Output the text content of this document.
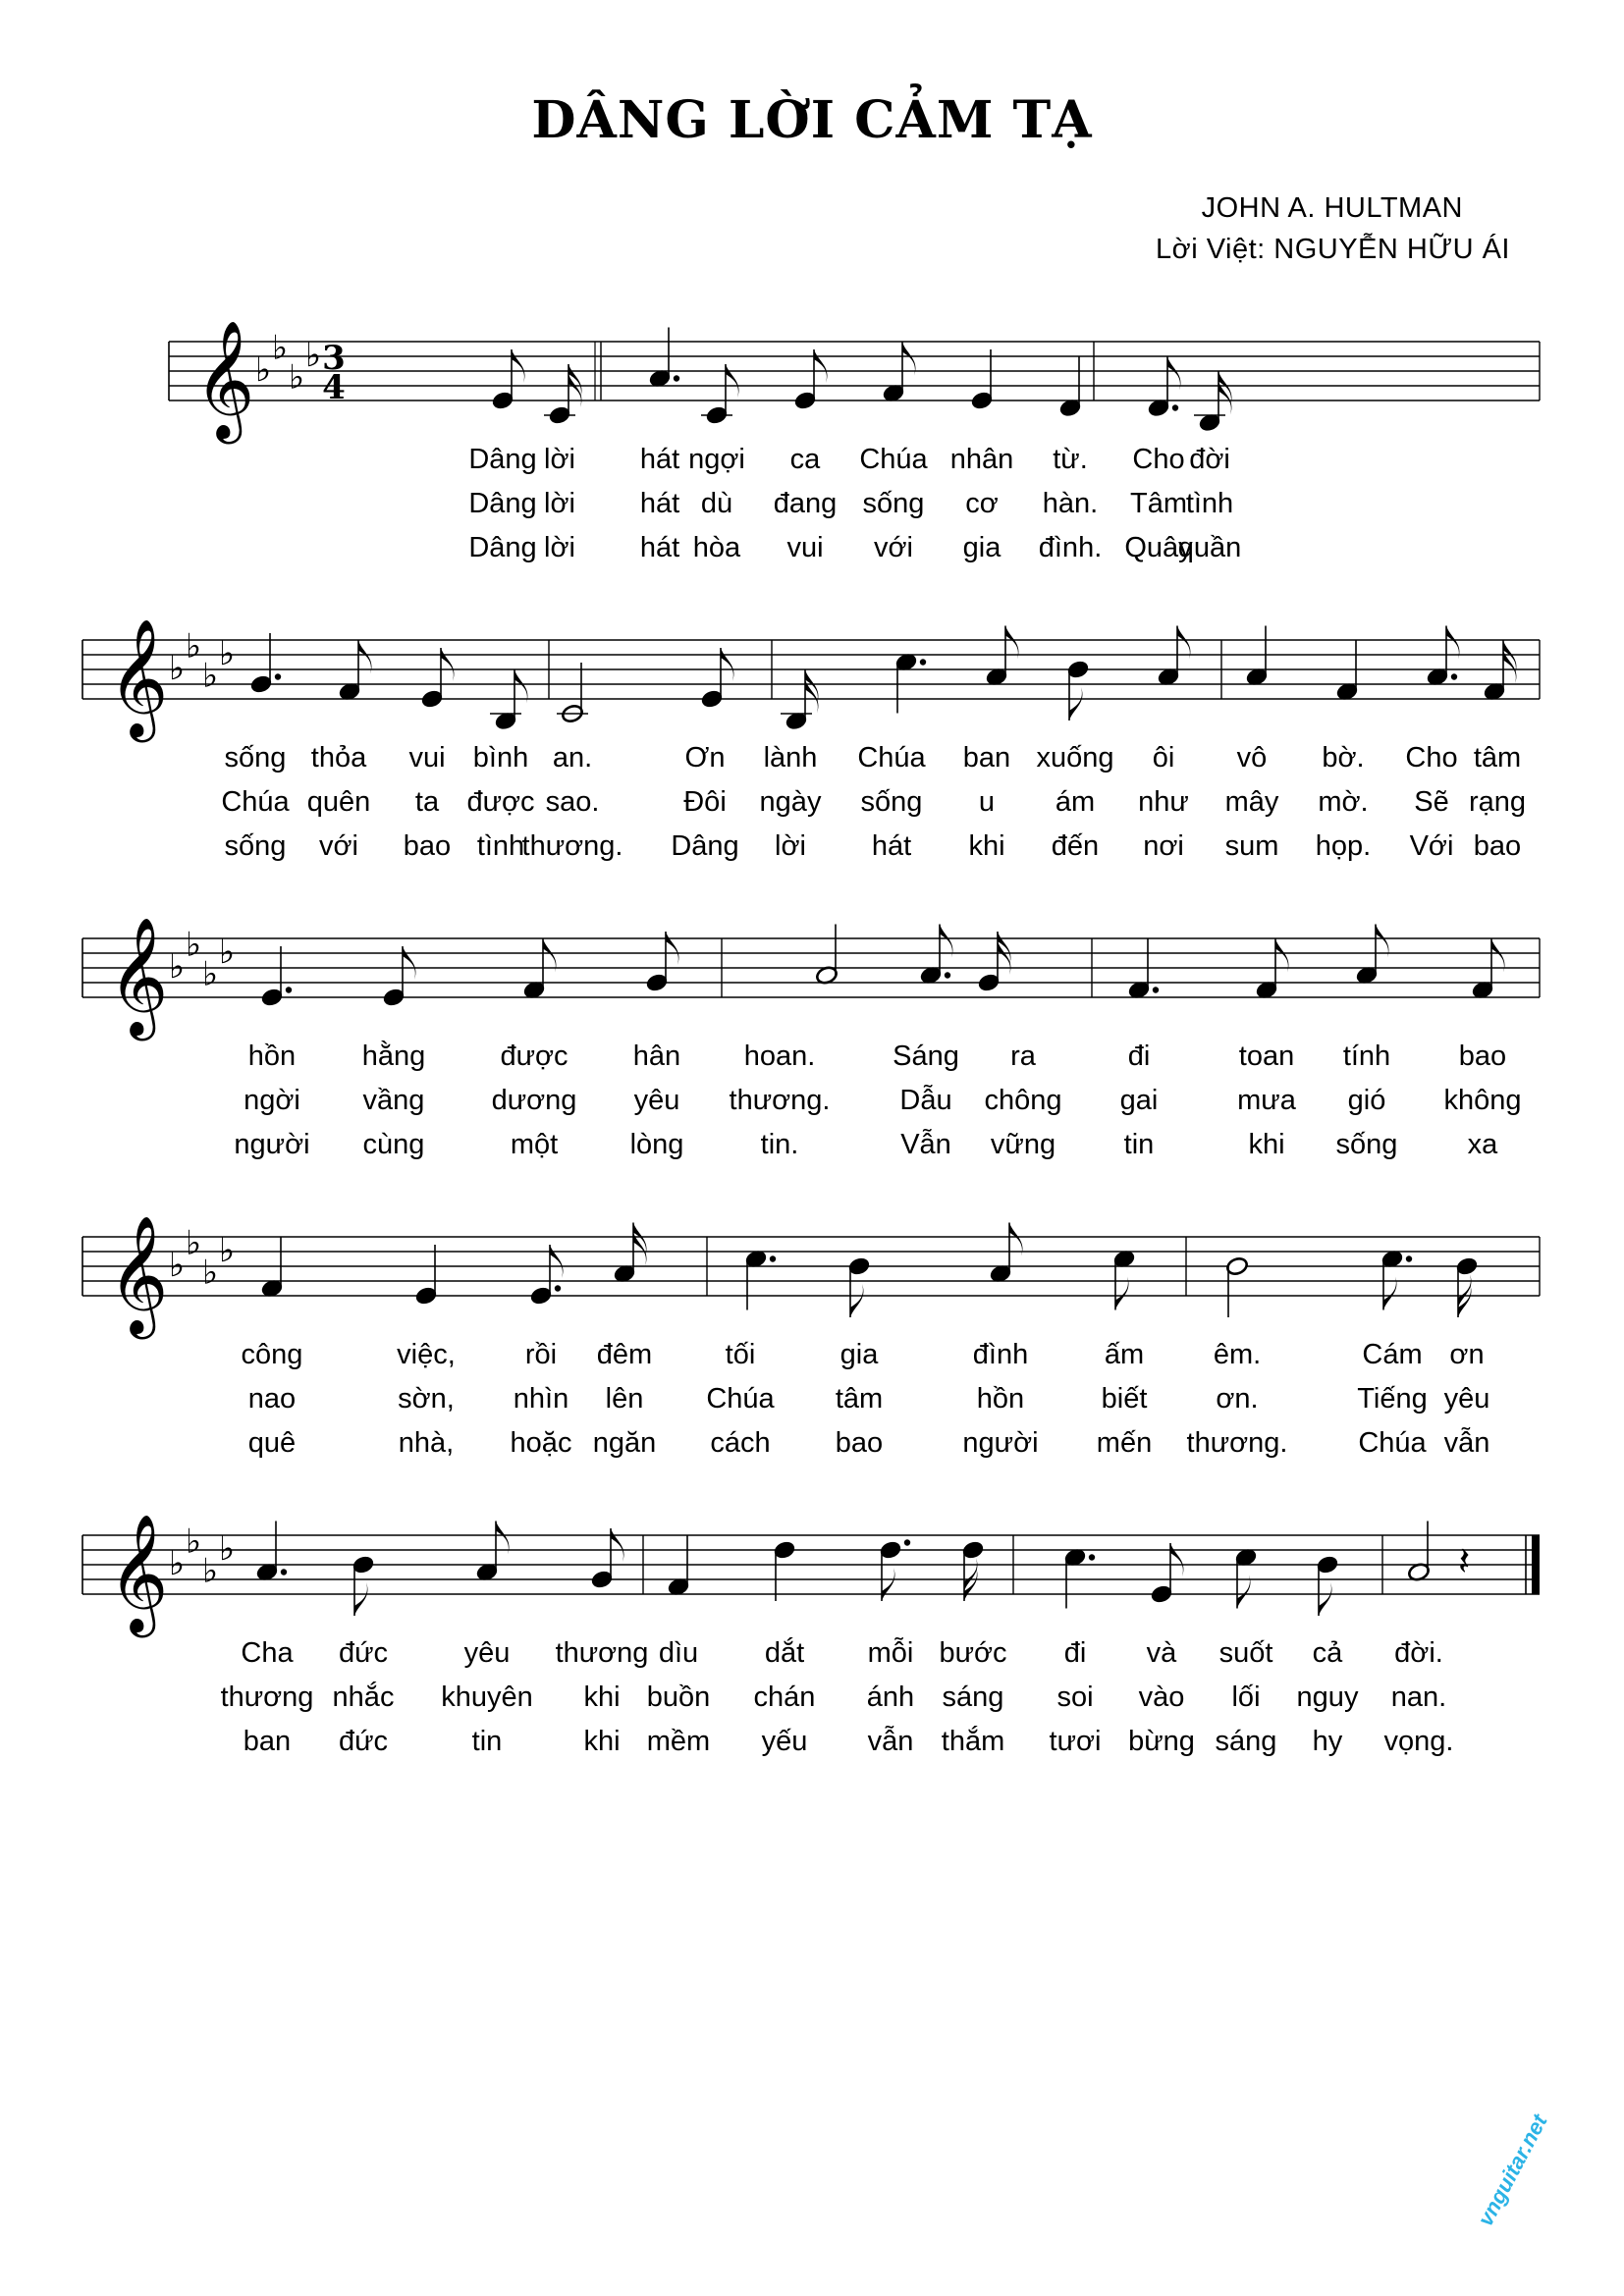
DÂNG LỜI CẢM TẠ
JOHN A. HULTMAN
Lời Việt: NGUYỄN HỮU ÁI
𝄞 ♭
♭
♭
♭ 3
4
Dâng lời hát ngợi ca Chúa nhân từ. Cho đời
Dâng lời hát dù đang sống cơ hàn. Tâm
tình
Dâng lời hát hòa vui với gia đình. Quây
quần
𝄞 ♭
♭
♭
♭
sống thỏa vui bình an.	Ơn lành Chúa ban xuống ôi vô bờ. Cho tâm
Chúa quên ta được sao.	Đôi ngày sống u ám như mây mờ. Sẽ rạng
sống với bao tình
thương. Dâng lời hát khi đến nơi sum họp. Với bao
𝄞 ♭
♭
♭
♭
hồn hằng	được hân hoan.	Sáng ra	đi	toan tính bao
ngời vầng dương yêu thương. Dẫu chông gai	mưa gió không
người cùng	một	lòng	tin.	Vẫn vững tin	khi sống xa
𝄞 ♭
♭
♭
♭
công	việc, rồi đêm	tối	gia	đình	ấm êm.	Cám ơn
nao	sờn, nhìn lên Chúa tâm	hồn	biết ơn.	Tiếng yêu
quê	nhà, hoặc ngăn cách bao	người mến thương. Chúa vẫn
𝄞 ♭
♭
♭
♭	𝄽
Cha đức	yêu thương dìu dắt mỗi bước đi và suốt cả đời.
thương nhắc khuyên khi buồn chán ánh sáng soi vào lối nguy nan.
ban đức	tin	khi mềm yếu vẫn thắm tươi bừng sáng hy vọng.
vnguitar.net
